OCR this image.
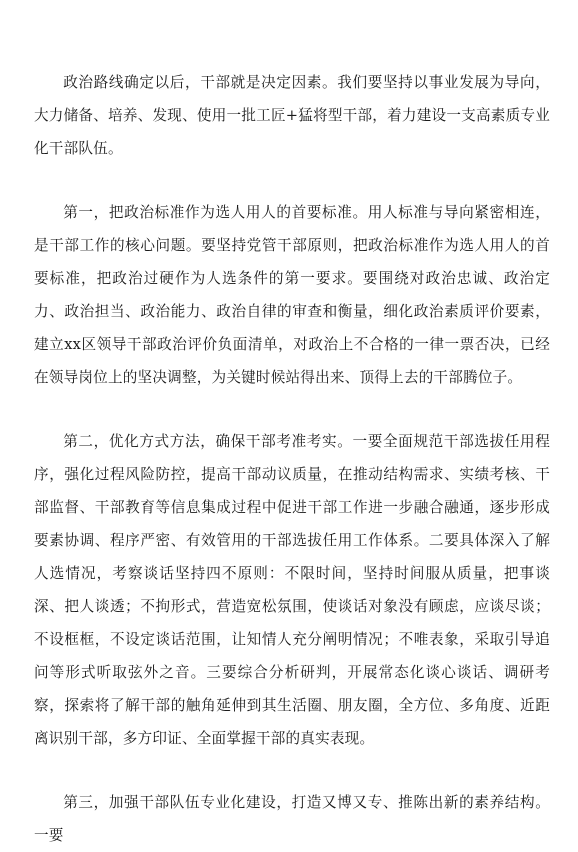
政治路线确定以后，干部就是决定因素。我们要坚持以事业发展为导向，大力储备、培养、发现、使用一批工匠+猛将型干部，着力建设一支高素质专业化干部队伍。

第一，把政治标准作为选人用人的首要标准。用人标准与导向紧密相连，是干部工作的核心问题。要坚持党管干部原则，把政治标准作为选人用人的首要标准，把政治过硬作为人选条件的第一要求。要围绕对政治忠诚、政治定力、政治担当、政治能力、政治自律的审查和衡量，细化政治素质评价要素，建立xx区领导干部政治评价负面清单，对政治上不合格的一律一票否决，已经在领导岗位上的坚决调整，为关键时候站得出来、顶得上去的干部腾位子。

第二，优化方式方法，确保干部考准考实。一要全面规范干部选拔任用程序，强化过程风险防控，提高干部动议质量，在推动结构需求、实绩考核、干部监督、干部教育等信息集成过程中促进干部工作进一步融合融通，逐步形成要素协调、程序严密、有效管用的干部选拔任用工作体系。二要具体深入了解人选情况，考察谈话坚持四不原则：不限时间，坚持时间服从质量，把事谈深、把人谈透；不拘形式，营造宽松氛围，使谈话对象没有顾虑，应谈尽谈；不设框框，不设定谈话范围，让知情人充分阐明情况；不唯表象，采取引导追问等形式听取弦外之音。三要综合分析研判，开展常态化谈心谈话、调研考察，探索将了解干部的触角延伸到其生活圈、朋友圈，全方位、多角度、近距离识别干部，多方印证、全面掌握干部的真实表现。

第三，加强干部队伍专业化建设，打造又博又专、推陈出新的素养结构。一要
